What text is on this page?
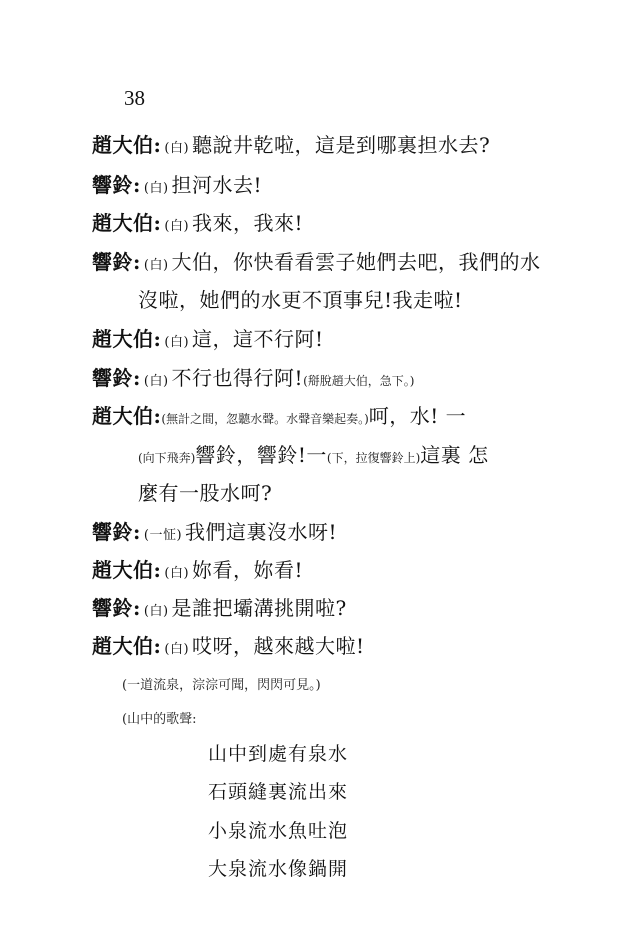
38
趙大伯: (白) 聽說井乾啦，這是到哪裏担水去?
響鈴: (白) 担河水去!
趙大伯: (白) 我來，我來!
響鈴: (白) 大伯，你快看看雲子她們去吧，我們的水
沒啦，她們的水更不頂事兒!我走啦!
趙大伯: (白) 這，這不行阿!
響鈴: (白) 不行也得行阿!(搿脫趙大伯，急下。)
趙大伯:(無計之間，忽聽水聲。水聲音樂起奏。)呵，水! 一
(向下飛奔)響鈴，響鈴!一(下，拉復響鈴上)這裏 怎
麼有一股水呵?
響鈴: (一怔) 我們這裏沒水呀!
趙大伯: (白) 妳看，妳看!
響鈴: (白) 是誰把壩溝挑開啦?
趙大伯: (白) 哎呀，越來越大啦!
(一道流泉，淙淙可聞，閃閃可見。)
(山中的歌聲:
山中到處有泉水
石頭縫裏流出來
小泉流水魚吐泡
大泉流水像鍋開
